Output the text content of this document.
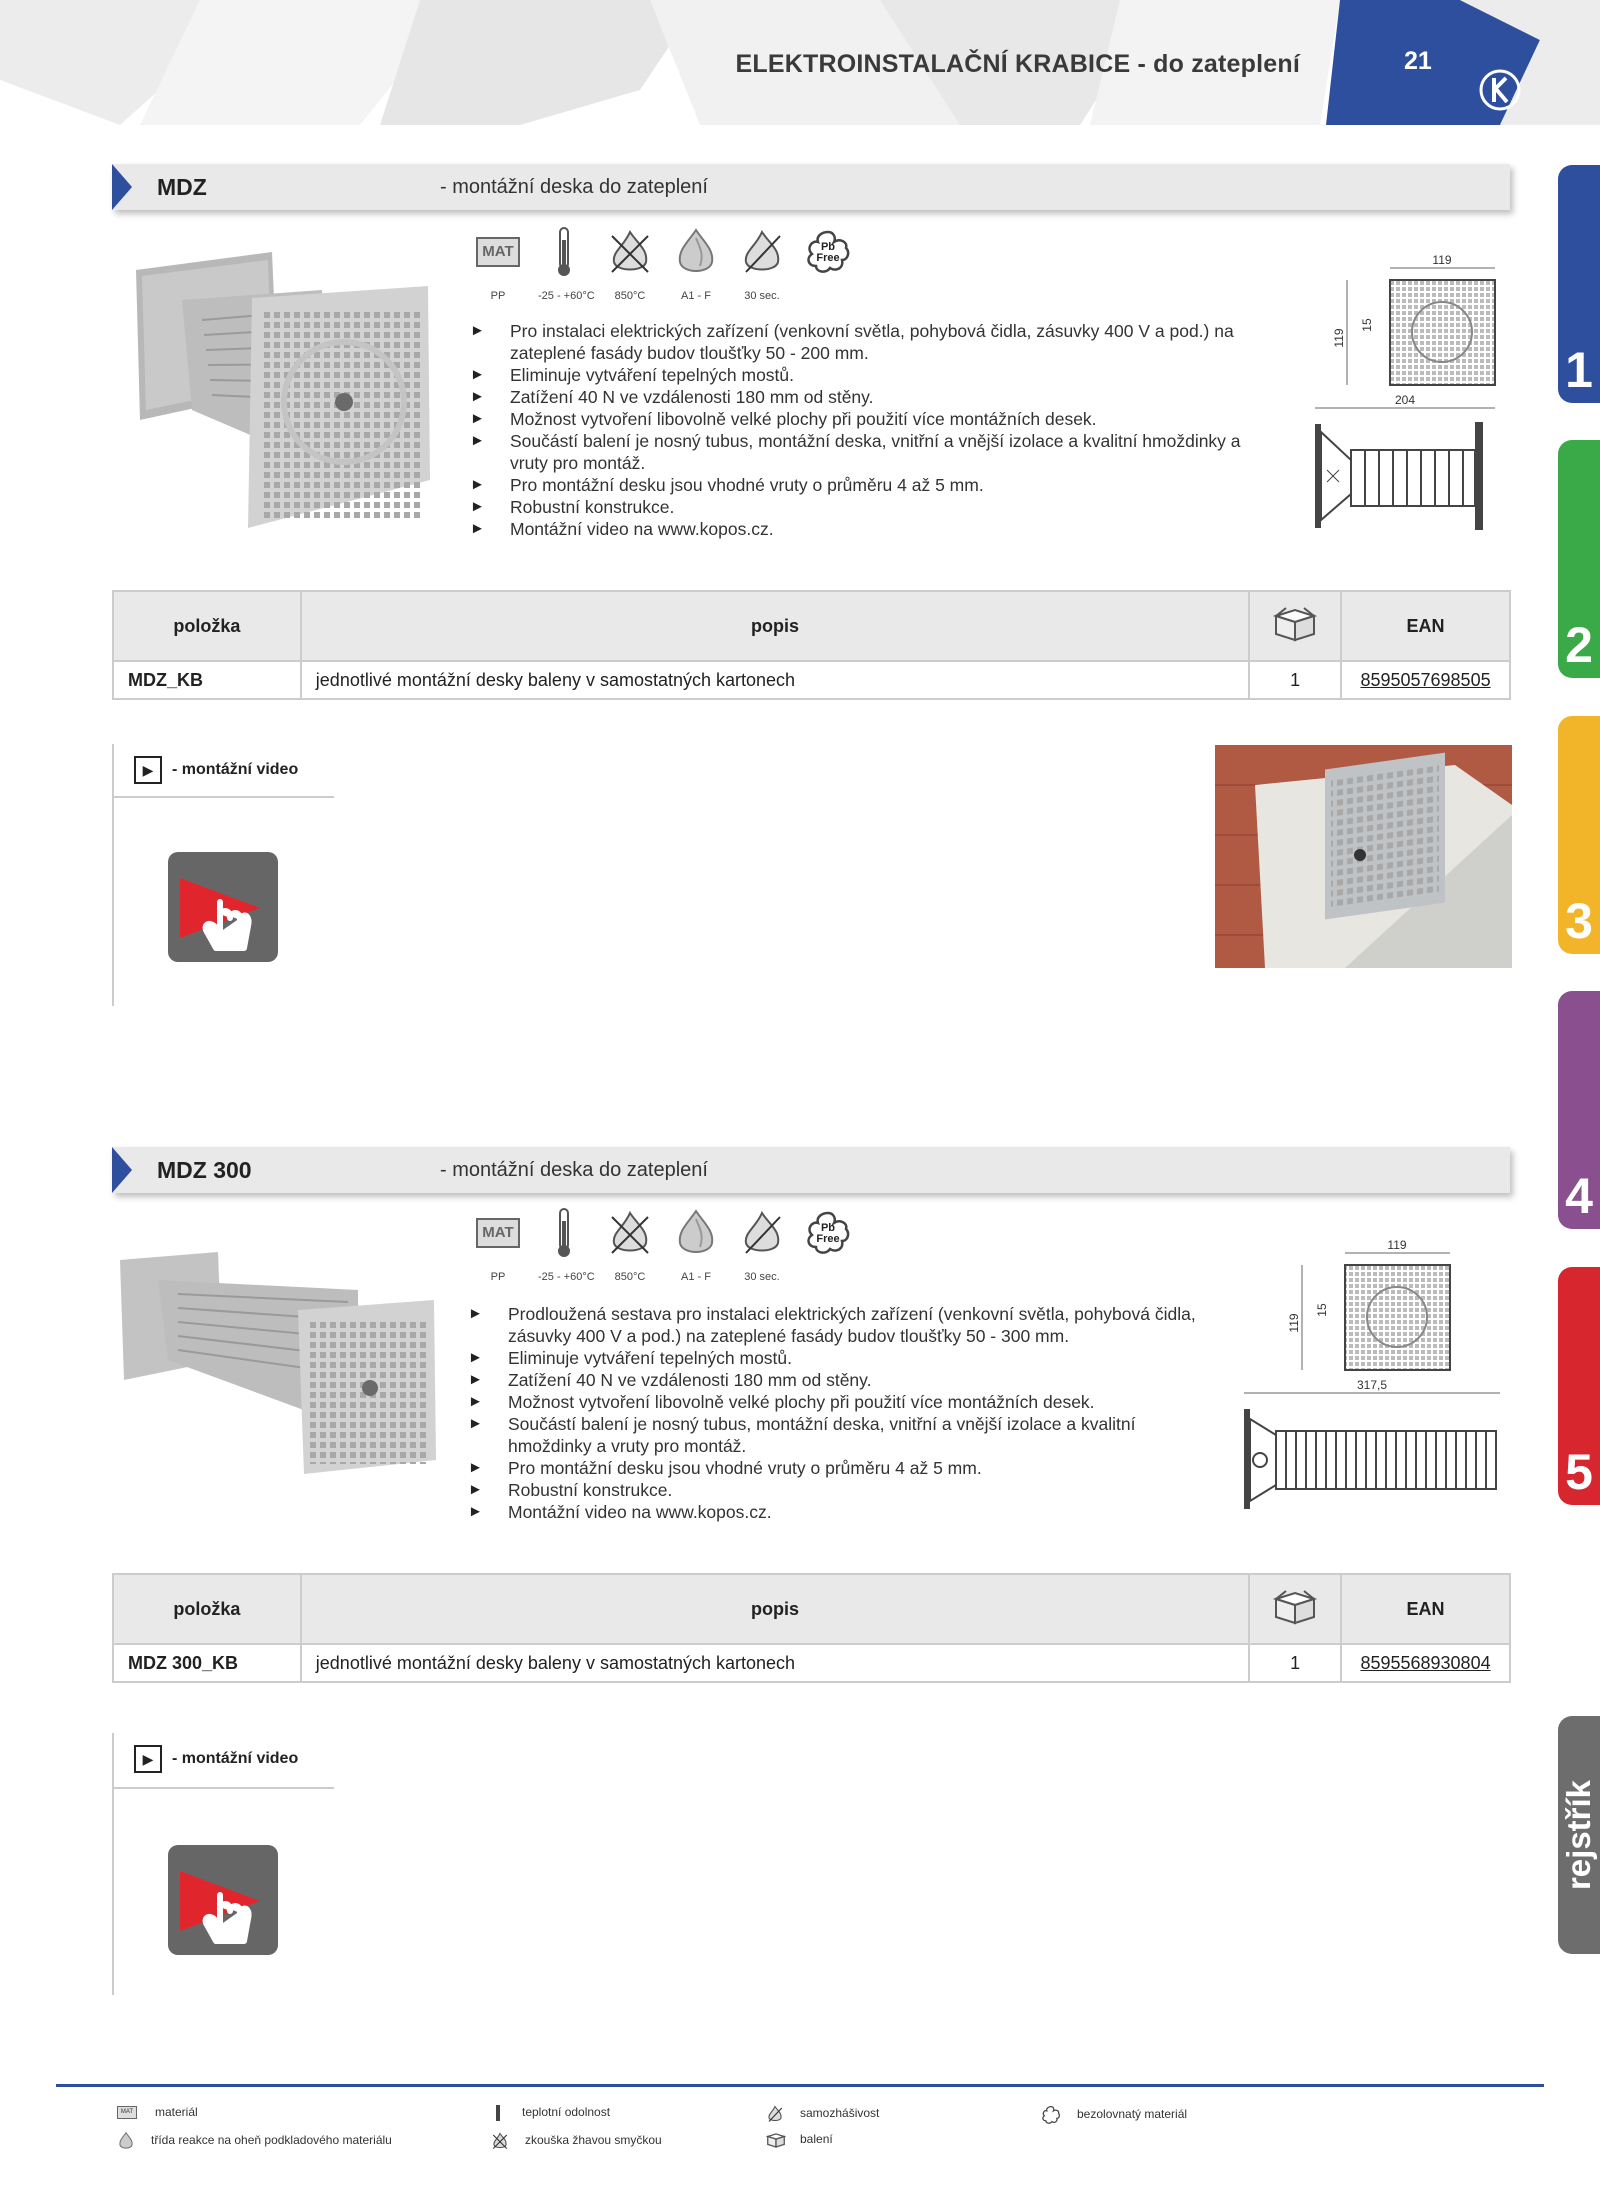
ELEKTROINSTALAČNÍ KRABICE - do zateplení	21
1
2
3
4
5
rejstřík
MDZ	- montážní deska do zateplení
MAT
PP	-25 - +60°C	850°C	A1 - F	30 sec.
Pb
Free
► Pro instalaci elektrických zařízení (venkovní světla, pohybová čidla, zásuvky 400 V a pod.) na zateplené fasády budov tloušťky 50 - 200 mm.
► Eliminuje vytváření tepelných mostů.
► Zatížení 40 N ve vzdálenosti 180 mm od stěny.
► Možnost vytvoření libovolně velké plochy při použití více montážních desek.
► Součástí balení je nosný tubus, montážní deska, vnitřní a vnější izolace a kvalitní hmoždinky a vruty pro montáž.
► Pro montážní desku jsou vhodné vruty o průměru 4 až 5 mm.
► Robustní konstrukce.
► Montážní video na www.kopos.cz.
119
119
15
204
položka	popis		EAN
MDZ_KB	jednotlivé montážní desky baleny v samostatných kartonech	1	8595057698505
▶	- montážní video
MDZ 300	- montážní deska do zateplení
MAT
PP	-25 - +60°C	850°C	A1 - F	30 sec.
Pb
Free
► Prodloužená sestava pro instalaci elektrických zařízení (venkovní světla, pohybová čidla, zásuvky 400 V a pod.) na zateplené fasády budov tloušťky 50 - 300 mm.
► Eliminuje vytváření tepelných mostů.
► Zatížení 40 N ve vzdálenosti 180 mm od stěny.
► Možnost vytvoření libovolně velké plochy při použití více montážních desek.
► Součástí balení je nosný tubus, montážní deska, vnitřní a vnější izolace a kvalitní hmoždinky a vruty pro montáž.
► Pro montážní desku jsou vhodné vruty o průměru 4 až 5 mm.
► Robustní konstrukce.
► Montážní video na www.kopos.cz.
119
119
15
317,5
položka	popis		EAN
MDZ 300_KB	jednotlivé montážní desky baleny v samostatných kartonech	1	8595568930804
▶	- montážní video
MAT materiál	teplotní odolnost	samozhášivost	bezolovnatý materiál
třída reakce na oheň podkladového materiálu	zkouška žhavou smyčkou	balení
